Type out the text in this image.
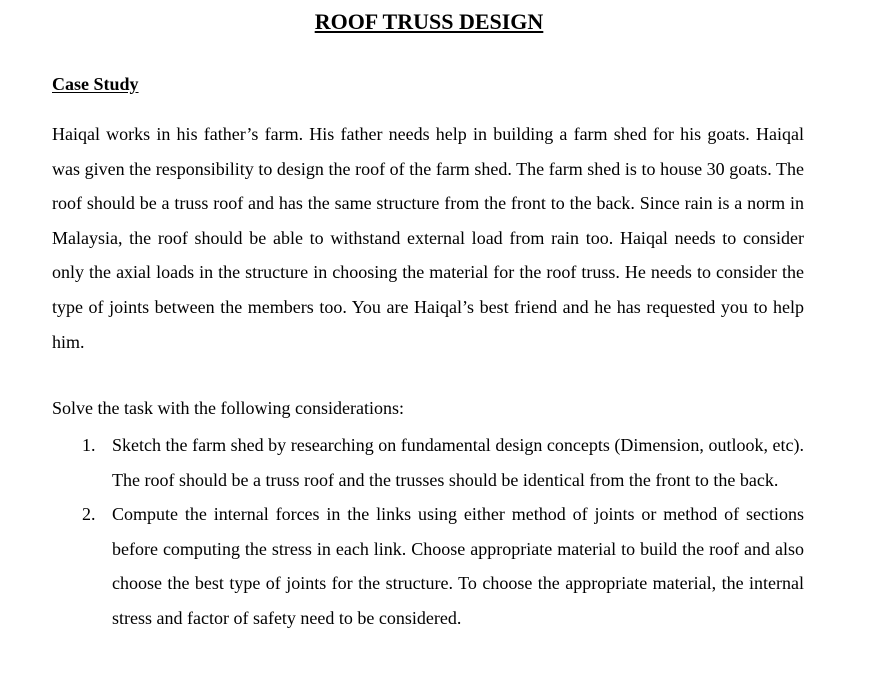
ROOF TRUSS DESIGN
Case Study

Haiqal works in his father’s farm. His father needs help in building a farm shed for his goats. Haiqal was given the responsibility to design the roof of the farm shed. The farm shed is to house 30 goats. The roof should be a truss roof and has the same structure from the front to the back. Since rain is a norm in Malaysia, the roof should be able to withstand external load from rain too. Haiqal needs to consider only the axial loads in the structure in choosing the material for the roof truss. He needs to consider the type of joints between the members too. You are Haiqal’s best friend and he has requested you to help him.

Solve the task with the following considerations:

1. Sketch the farm shed by researching on fundamental design concepts (Dimension, outlook, etc). The roof should be a truss roof and the trusses should be identical from the front to the back.
2. Compute the internal forces in the links using either method of joints or method of sections before computing the stress in each link. Choose appropriate material to build the roof and also choose the best type of joints for the structure. To choose the appropriate material, the internal stress and factor of safety need to be considered.
